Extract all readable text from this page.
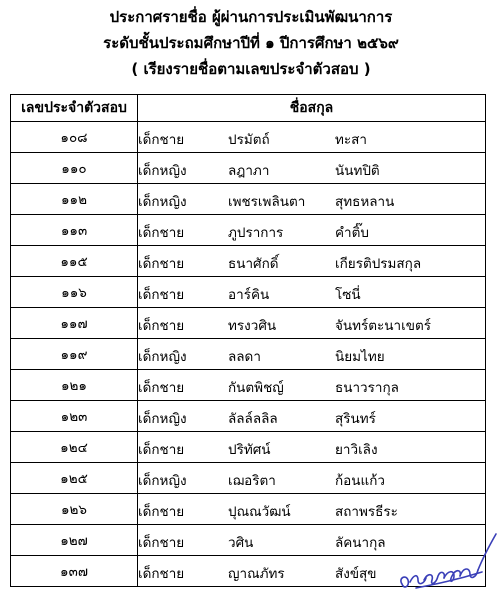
ประกาศรายชื่อ ผู้ผ่านการประเมินพัฒนาการ
ระดับชั้นประถมศึกษาปีที่ ๑ ปีการศึกษา ๒๕๖๙
( เรียงรายชื่อตามเลขประจำตัวสอบ )
เลขประจำตัวสอบ	ชื่อสกุล
๑๐๘	เด็กชาย ปรมัตถ์ ทะสา

๑๑๐	เด็กหญิง ลฎาภา นันทปิติ

๑๑๒	เด็กหญิง เพชรเพลินตา สุทธหลาน

๑๑๓	เด็กชาย ภูปราการ คำติ๊บ

๑๑๕	เด็กชาย ธนาศักดิ์ เกียรติปรมสกุล

๑๑๖	เด็กชาย อาร์คิน โซนี่

๑๑๗	เด็กชาย ทรงวศิน จันทร์ตะนาเขตร์

๑๑๙	เด็กหญิง ลลดา นิยมไทย

๑๒๑	เด็กชาย กันตพิชญ์ ธนาวรากุล

๑๒๓	เด็กหญิง ลัลล์ลลิล สุรินทร์

๑๒๔	เด็กชาย ปริทัศน์ ยาวิเลิง

๑๒๕	เด็กหญิง เฌอริตา ก้อนแก้ว

๑๒๖	เด็กชาย ปุณณวัฒน์ สถาพรธีระ

๑๒๗	เด็กชาย วศิน ลัคนากุล

๑๓๗	เด็กชาย ญาณภัทร สังข์สุข
